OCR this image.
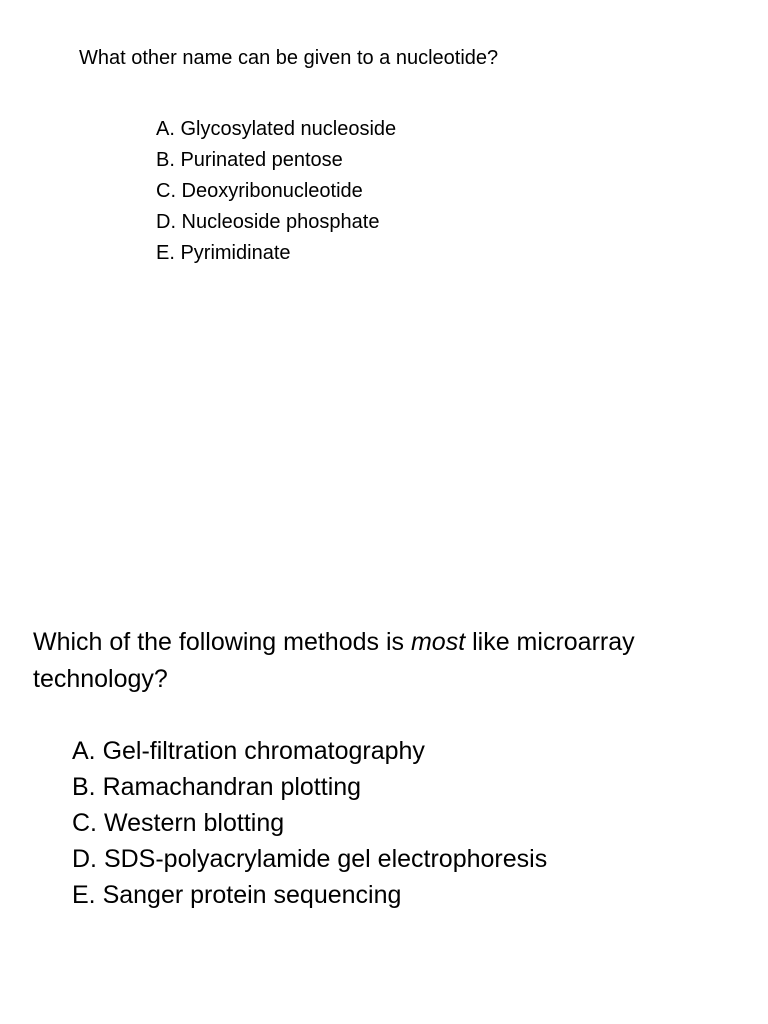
What other name can be given to a nucleotide?
A. Glycosylated nucleoside
B. Purinated pentose
C. Deoxyribonucleotide
D. Nucleoside phosphate
E. Pyrimidinate
Which of the following methods is most like microarray technology?
A. Gel-filtration chromatography
B. Ramachandran plotting
C. Western blotting
D. SDS-polyacrylamide gel electrophoresis
E. Sanger protein sequencing
